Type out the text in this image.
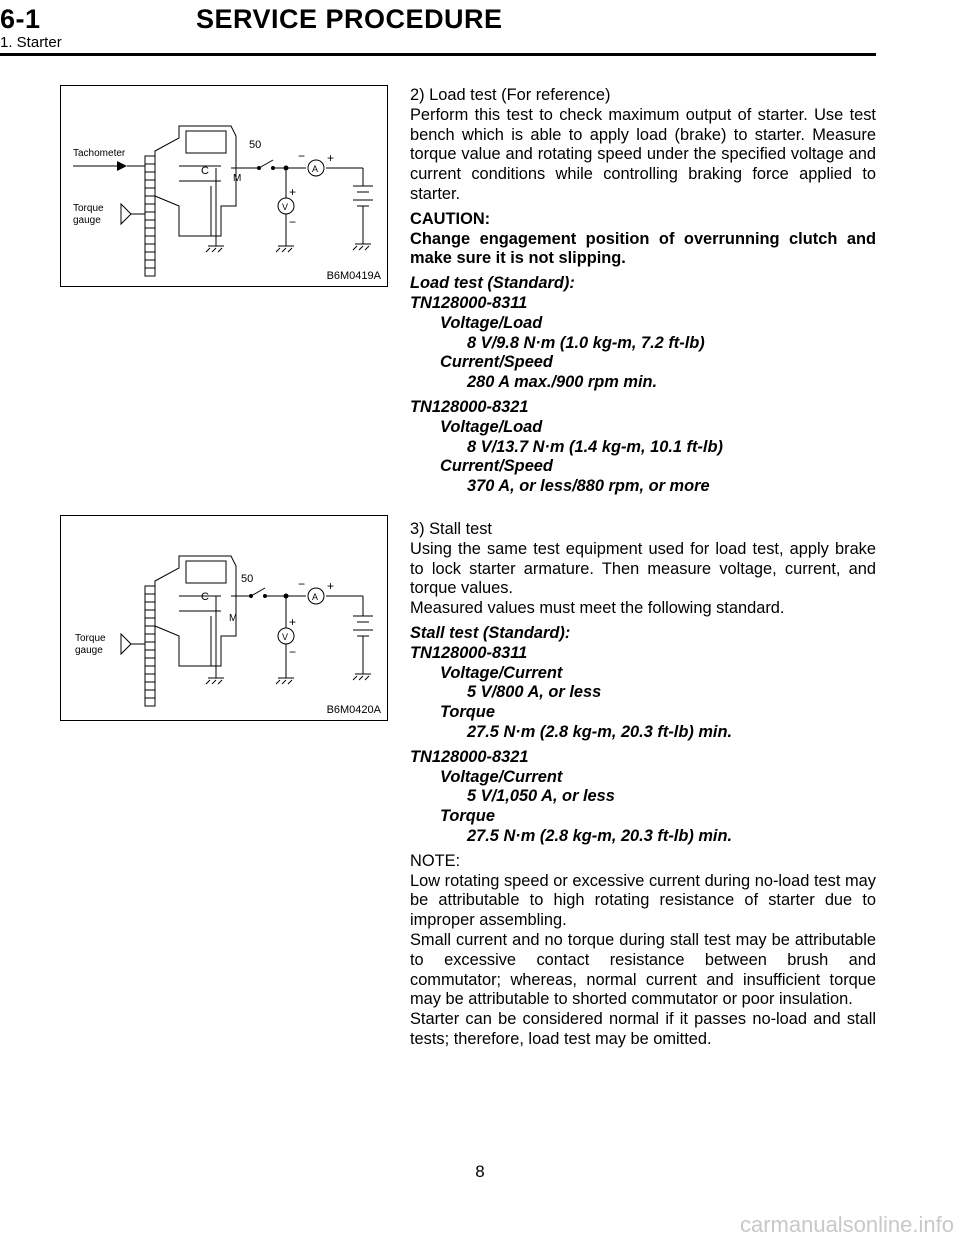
6-1	SERVICE PROCEDURE
1. Starter
Tachometer
Torque
gauge
50
C
M
A
− +
V
+
−
B6M0419A
Torque
gauge
50
C
M
A
− +
V
+
−
B6M0420A

2) Load test (For reference)

Perform this test to check maximum output of starter. Use test bench which is able to apply load (brake) to starter. Measure torque value and rotating speed under the specified voltage and current conditions while controlling braking force applied to starter.

CAUTION:

Change engagement position of overrunning clutch and make sure it is not slipping.

Load test (Standard):

TN128000-8311

Voltage/Load

8 V/9.8 N·m (1.0 kg-m, 7.2 ft-lb)

Current/Speed

280 A max./900 rpm min.

TN128000-8321

Voltage/Load

8 V/13.7 N·m (1.4 kg-m, 10.1 ft-lb)

Current/Speed

370 A, or less/880 rpm, or more

3) Stall test

Using the same test equipment used for load test, apply brake to lock starter armature. Then measure voltage, current, and torque values.

Measured values must meet the following standard.

Stall test (Standard):

TN128000-8311

Voltage/Current

5 V/800 A, or less

Torque

27.5 N·m (2.8 kg-m, 20.3 ft-lb) min.

TN128000-8321

Voltage/Current

5 V/1,050 A, or less

Torque

27.5 N·m (2.8 kg-m, 20.3 ft-lb) min.

NOTE:

Low rotating speed or excessive current during no-load test may be attributable to high rotating resistance of starter due to improper assembling.

Small current and no torque during stall test may be attributable to excessive contact resistance between brush and commutator; whereas, normal current and insufficient torque may be attributable to shorted commutator or poor insulation.

Starter can be considered normal if it passes no-load and stall tests; therefore, load test may be omitted.

8
carmanualsonline.info
